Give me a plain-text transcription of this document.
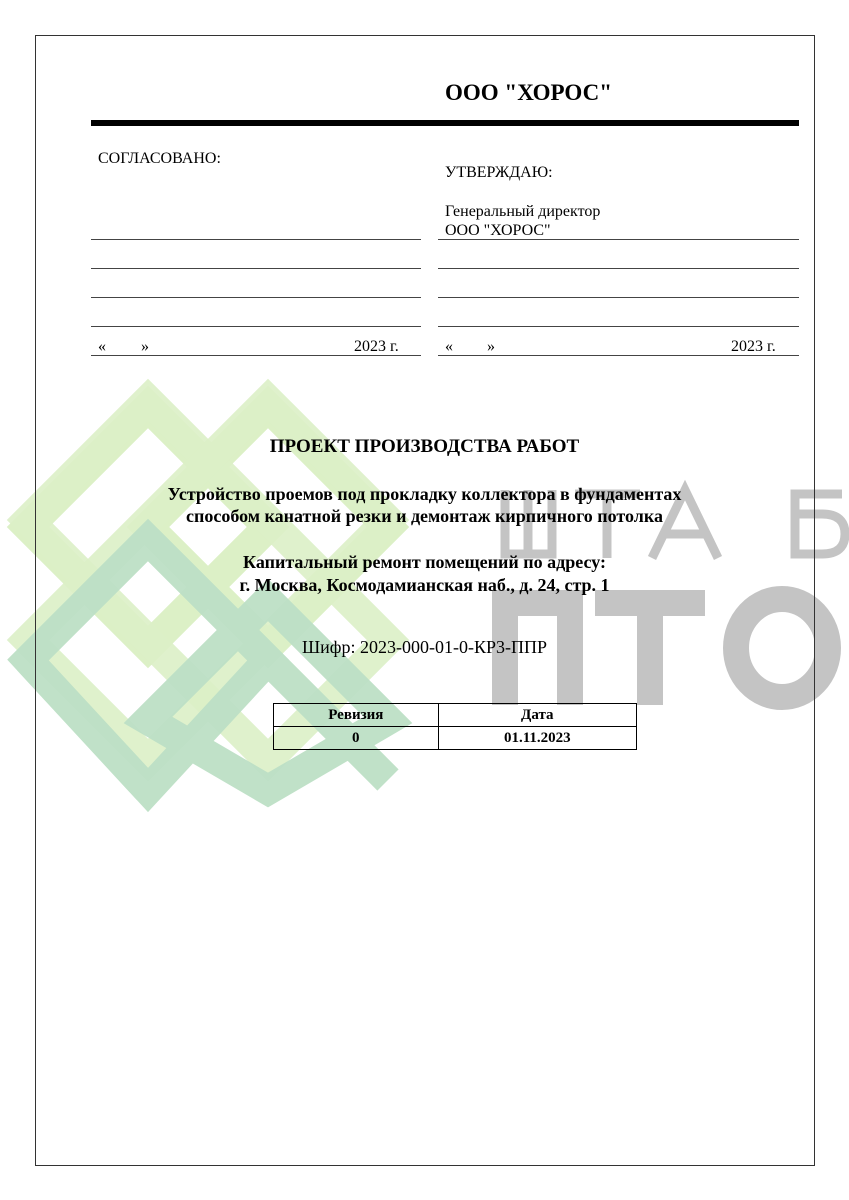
ООО "ХОРОС"
СОГЛАСОВАНО:
УТВЕРЖДАЮ:
Генеральный директор
ООО "ХОРОС"
« »	2023 г.	« »	2023 г.
ПРОЕКТ ПРОИЗВОДСТВА РАБОТ
Устройство проемов под прокладку коллектора в фундаментах
способом канатной резки и демонтаж кирпичного потолка
Капитальный ремонт помещений по адресу:
г. Москва, Космодамианская наб., д. 24, стр. 1
Шифр: 2023-000-01-0-КР3-ППР
Ревизия	Дата
0	01.11.2023
